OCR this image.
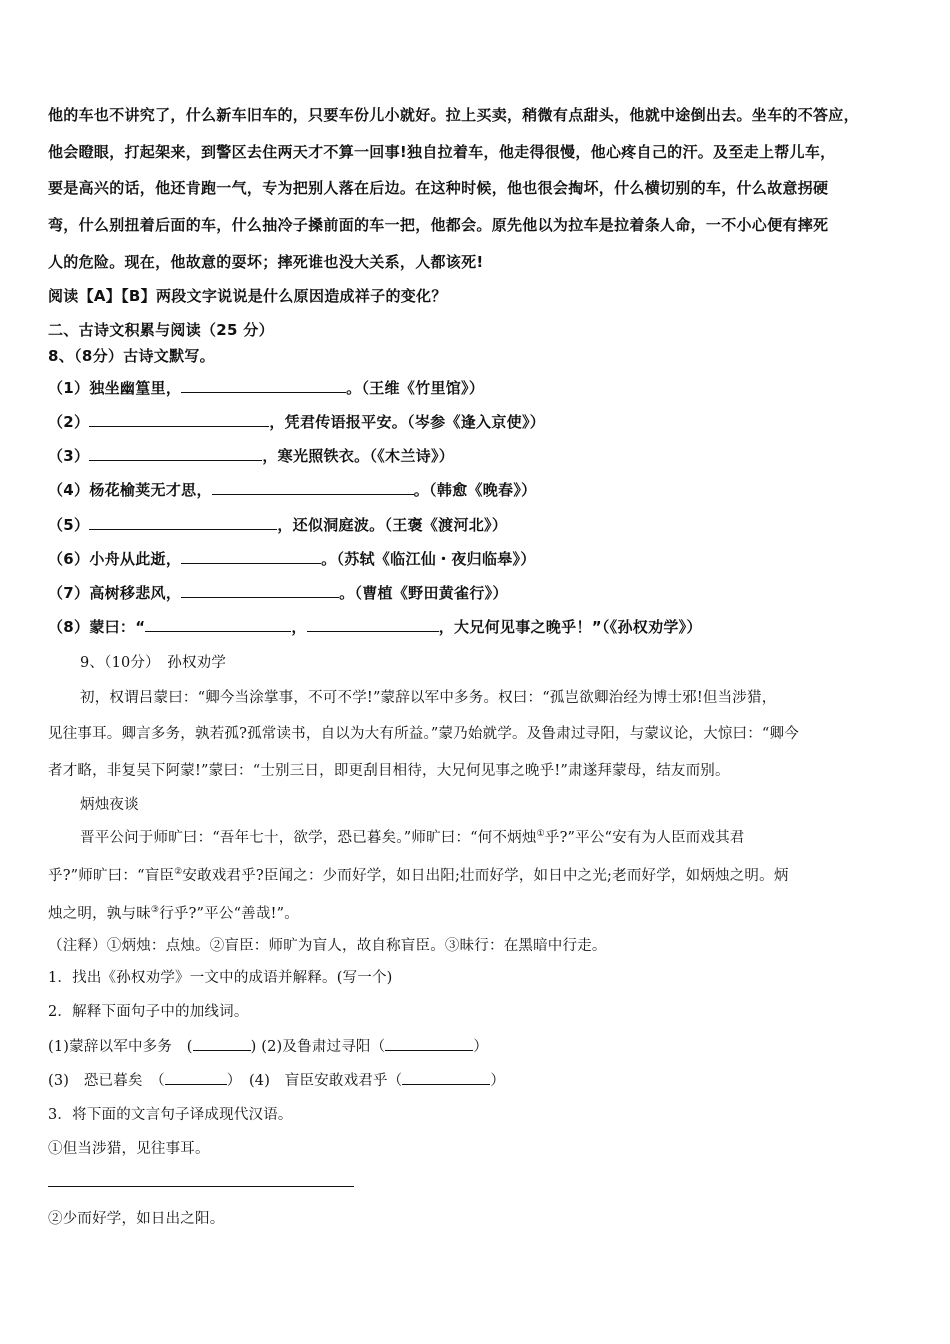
他的车也不讲究了，什么新车旧车的，只要车份儿小就好。拉上买卖，稍微有点甜头，他就中途倒出去。坐车的不答应，
他会瞪眼，打起架来，到警区去住两天才不算一回事!独自拉着车，他走得很慢，他心疼自己的汗。及至走上帮儿车，
要是高兴的话，他还肯跑一气，专为把别人落在后边。在这种时候，他也很会掏坏，什么横切别的车，什么故意拐硬
弯，什么别扭着后面的车，什么抽冷子搡前面的车一把，他都会。原先他以为拉车是拉着条人命，一不小心便有摔死
人的危险。现在，他故意的耍坏；摔死谁也没大关系，人都该死!
阅读【A】【B】两段文字说说是什么原因造成祥子的变化？
二、古诗文积累与阅读（25 分）
8、（8分）古诗文默写。
（1）独坐幽篁里，	。（王维《竹里馆》）
（2）	，凭君传语报平安。（岑参《逢入京使》）
（3）	，寒光照铁衣。（《木兰诗》）
（4）杨花榆荚无才思，	。（韩愈《晚春》）
（5）	，还似洞庭波。（王褒《渡河北》）
（6）小舟从此逝，	。（苏轼《临江仙・夜归临皋》）
（7）高树移悲风，	。（曹植《野田黄雀行》）
（8）蒙曰：“	，	，大兄何见事之晚乎！”（《孙权劝学》）
9、（10分）　孙权劝学
初，权谓吕蒙曰：“卿今当涂掌事，不可不学!”蒙辞以军中多务。权曰：“孤岂欲卿治经为博士邪!但当涉猎，
见往事耳。卿言多务，孰若孤?孤常读书，自以为大有所益。”蒙乃始就学。及鲁肃过寻阳，与蒙议论，大惊曰：“卿今
者才略，非复吴下阿蒙!”蒙曰：“士别三日，即更刮目相待，大兄何见事之晚乎!”肃遂拜蒙母，结友而别。
炳烛夜谈
晋平公问于师旷曰：“吾年七十，欲学，恐已暮矣。”师旷曰：“何不炳烛①乎?”平公“安有为人臣而戏其君
乎?”师旷曰：“盲臣②安敢戏君乎?臣闻之：少而好学，如日出阳;壮而好学，如日中之光;老而好学，如炳烛之明。炳
烛之明，孰与昧③行乎?”平公“善哉!”。
（注释）①炳烛：点烛。②盲臣：师旷为盲人，故自称盲臣。③昧行：在黑暗中行走。
1．找出《孙权劝学》一文中的成语并解释。(写一个)
2．解释下面句子中的加线词。
(1)蒙辞以军中多务　(	) (2)及鲁肃过寻阳（	）
(3)　恐已暮矣　（	）　(4)　盲臣安敢戏君乎（	）
3．将下面的文言句子译成现代汉语。
①但当涉猎，见往事耳。
②少而好学，如日出之阳。
